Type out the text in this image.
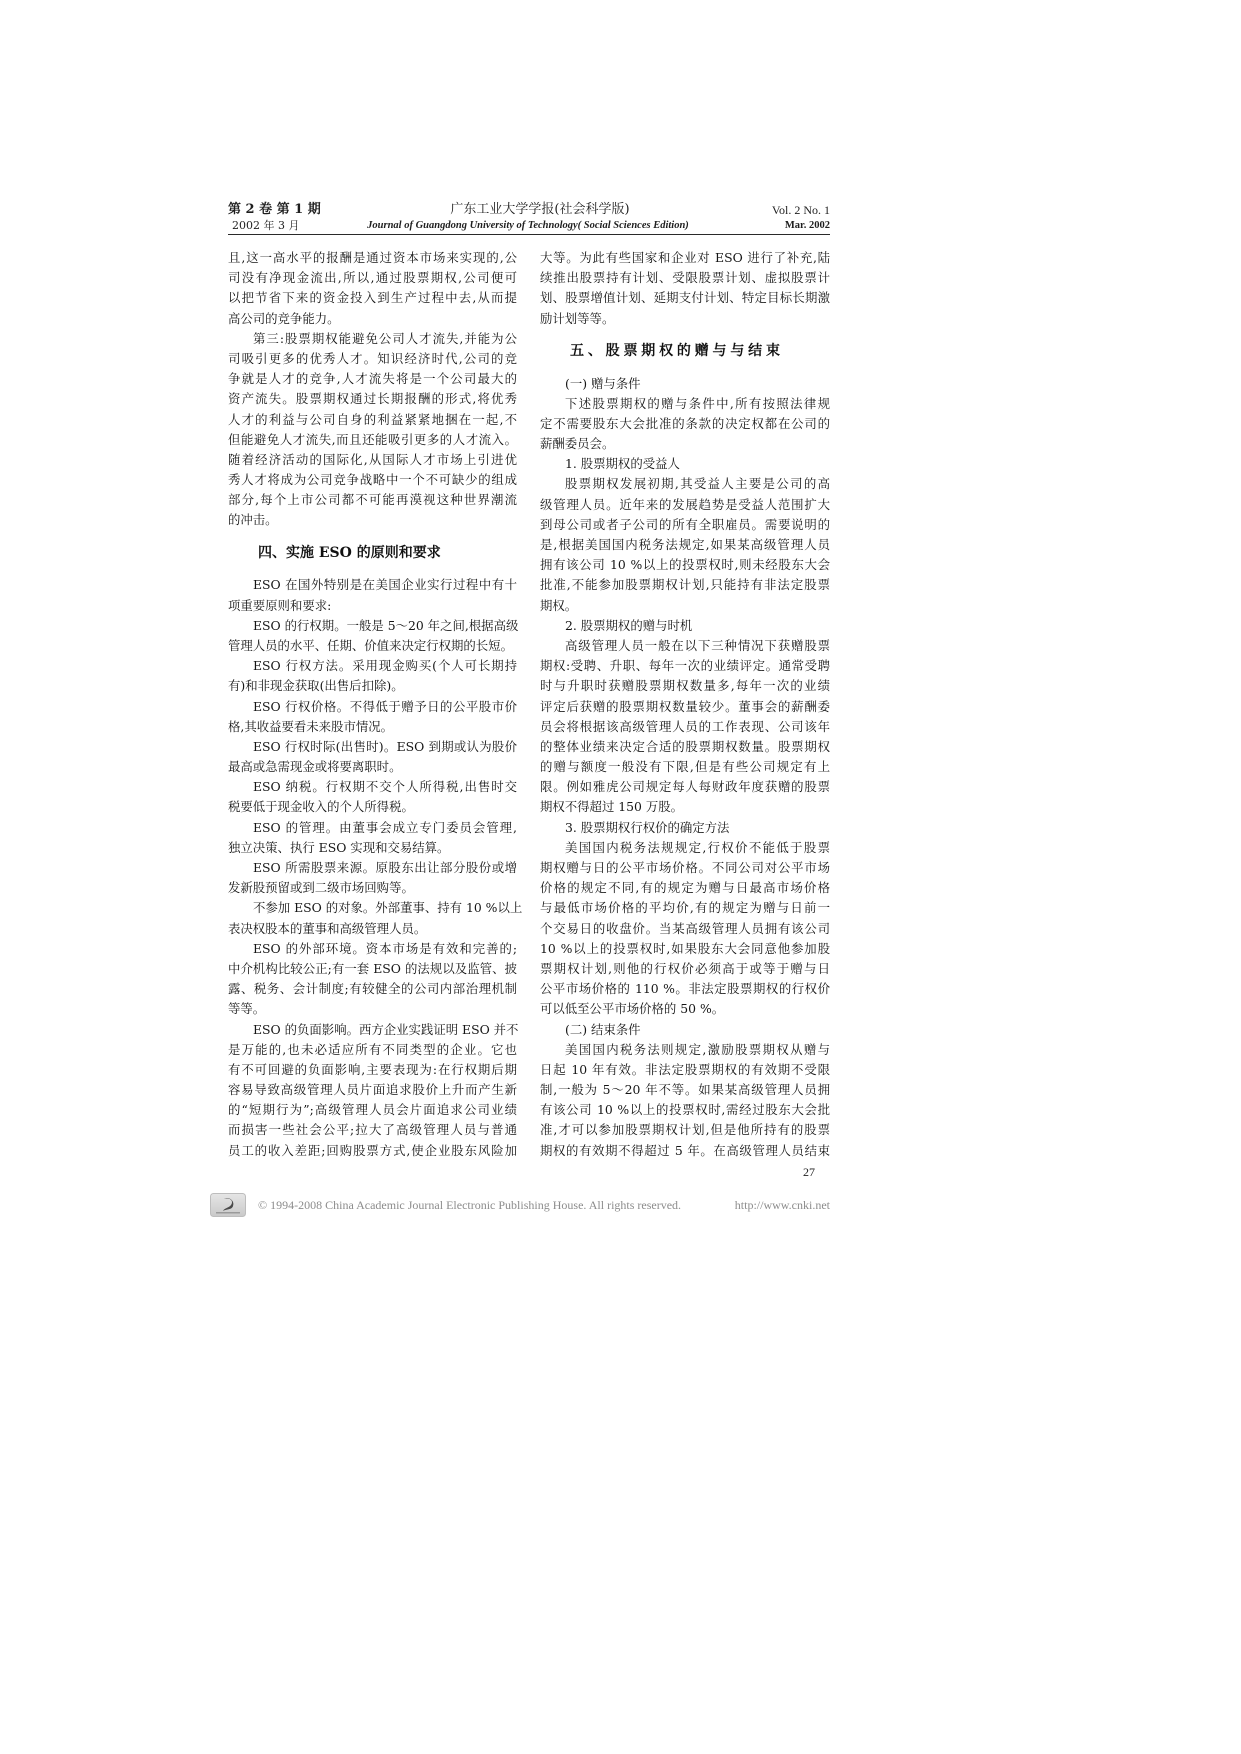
第 2 卷 第 1 期	广东工业大学学报(社会科学版)	Vol. 2 No. 1
2002 年 3 月	Journal of Guangdong University of Technology( Social Sciences Edition)	Mar. 2002
且,这一高水平的报酬是通过资本市场来实现的,公
司没有净现金流出,所以,通过股票期权,公司便可
以把节省下来的资金投入到生产过程中去,从而提
高公司的竞争能力。
第三:股票期权能避免公司人才流失,并能为公
司吸引更多的优秀人才。知识经济时代,公司的竞
争就是人才的竞争,人才流失将是一个公司最大的
资产流失。股票期权通过长期报酬的形式,将优秀
人才的利益与公司自身的利益紧紧地捆在一起,不
但能避免人才流失,而且还能吸引更多的人才流入。
随着经济活动的国际化,从国际人才市场上引进优
秀人才将成为公司竞争战略中一个不可缺少的组成
部分,每个上市公司都不可能再漠视这种世界潮流
的冲击。
四、实施 ESO 的原则和要求
ESO 在国外特别是在美国企业实行过程中有十
项重要原则和要求:
ESO 的行权期。一般是 5～20 年之间,根据高级
管理人员的水平、任期、价值来决定行权期的长短。
ESO 行权方法。采用现金购买(个人可长期持
有)和非现金获取(出售后扣除)。
ESO 行权价格。不得低于赠予日的公平股市价
格,其收益要看未来股市情况。
ESO 行权时际(出售时)。ESO 到期或认为股价
最高或急需现金或将要离职时。
ESO 纳税。行权期不交个人所得税,出售时交
税要低于现金收入的个人所得税。
ESO 的管理。由董事会成立专门委员会管理,
独立决策、执行 ESO 实现和交易结算。
ESO 所需股票来源。原股东出让部分股份或增
发新股预留或到二级市场回购等。
不参加 ESO 的对象。外部董事、持有 10 %以上
表决权股本的董事和高级管理人员。
ESO 的外部环境。资本市场是有效和完善的;
中介机构比较公正;有一套 ESO 的法规以及监管、披
露、税务、会计制度;有较健全的公司内部治理机制
等等。
ESO 的负面影响。西方企业实践证明 ESO 并不
是万能的,也未必适应所有不同类型的企业。它也
有不可回避的负面影响,主要表现为:在行权期后期
容易导致高级管理人员片面追求股价上升而产生新
的“短期行为”;高级管理人员会片面追求公司业绩
而损害一些社会公平;拉大了高级管理人员与普通
员工的收入差距;回购股票方式,使企业股东风险加
大等。为此有些国家和企业对 ESO 进行了补充,陆
续推出股票持有计划、受限股票计划、虚拟股票计
划、股票增值计划、延期支付计划、特定目标长期激
励计划等等。
五、股票期权的赠与与结束
(一) 赠与条件
下述股票期权的赠与条件中,所有按照法律规
定不需要股东大会批准的条款的决定权都在公司的
薪酬委员会。
1. 股票期权的受益人
股票期权发展初期,其受益人主要是公司的高
级管理人员。近年来的发展趋势是受益人范围扩大
到母公司或者子公司的所有全职雇员。需要说明的
是,根据美国国内税务法规定,如果某高级管理人员
拥有该公司 10 %以上的投票权时,则未经股东大会
批准,不能参加股票期权计划,只能持有非法定股票
期权。
2. 股票期权的赠与时机
高级管理人员一般在以下三种情况下获赠股票
期权:受聘、升职、每年一次的业绩评定。通常受聘
时与升职时获赠股票期权数量多,每年一次的业绩
评定后获赠的股票期权数量较少。董事会的薪酬委
员会将根据该高级管理人员的工作表现、公司该年
的整体业绩来决定合适的股票期权数量。股票期权
的赠与额度一般没有下限,但是有些公司规定有上
限。例如雅虎公司规定每人每财政年度获赠的股票
期权不得超过 150 万股。
3. 股票期权行权价的确定方法
美国国内税务法规规定,行权价不能低于股票
期权赠与日的公平市场价格。不同公司对公平市场
价格的规定不同,有的规定为赠与日最高市场价格
与最低市场价格的平均价,有的规定为赠与日前一
个交易日的收盘价。当某高级管理人员拥有该公司
10 %以上的投票权时,如果股东大会同意他参加股
票期权计划,则他的行权价必须高于或等于赠与日
公平市场价格的 110 %。非法定股票期权的行权价
可以低至公平市场价格的 50 %。
(二) 结束条件
美国国内税务法则规定,激励股票期权从赠与
日起 10 年有效。非法定股票期权的有效期不受限
制,一般为 5～20 年不等。如果某高级管理人员拥
有该公司 10 %以上的投票权时,需经过股东大会批
准,才可以参加股票期权计划,但是他所持有的股票
期权的有效期不得超过 5 年。在高级管理人员结束
27
© 1994-2008 China Academic Journal Electronic Publishing House. All rights reserved.	http://www.cnki.net
